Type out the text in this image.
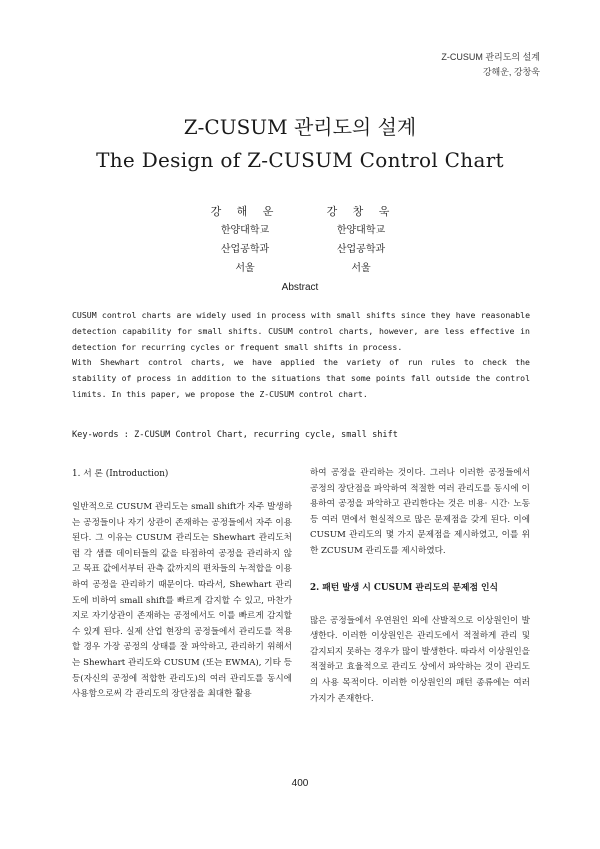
Z-CUSUM 관리도의 설계
강해운, 강창욱
Z-CUSUM 관리도의 설계
The Design of Z-CUSUM Control Chart
강 해 운
한양대학교
산업공학과
서울
강 창 욱
한양대학교
산업공학과
서울
Abstract

CUSUM control charts are widely used in process with small shifts since they have reasonable detection capability for small shifts. CUSUM control charts, however, are less effective in detection for recurring cycles or frequent small shifts in process.

With Shewhart control charts, we have applied the variety of run rules to check the stability of process in addition to the situations that some points fall outside the control limits. In this paper, we propose the Z-CUSUM control chart.

Key-words : Z-CUSUM Control Chart, recurring cycle, small shift
1. 서 론 (Introduction)

일반적으로 CUSUM 관리도는 small shift가 자주 발생하는 공정들이나 자기 상관이 존재하는 공정들에서 자주 이용된다. 그 이유는 CUSUM 관리도는 Shewhart 관리도처럼 각 샘플 데이터들의 값을 타점하여 공정을 관리하지 않고 목표 값에서부터 관측 값까지의 편차들의 누적합을 이용하여 공정을 관리하기 때문이다. 따라서, Shewhart 관리도에 비하여 small shift를 빠르게 감지할 수 있고, 마찬가지로 자기상관이 존재하는 공정에서도 이를 빠르게 감지할 수 있게 된다. 실제 산업 현장의 공정들에서 관리도를 적용할 경우 가장 공정의 상태를 잘 파악하고, 관리하기 위해서는 Shewhart 관리도와 CUSUM (또는 EWMA), 기타 등등(자신의 공정에 적합한 관리도)의 여러 관리도를 동시에 사용함으로써 각 관리도의 장단점을 최대한 활용

하여 공정을 관리하는 것이다. 그러나 이러한 공정들에서 공정의 장단점을 파악하여 적절한 여러 관리도를 동시에 이용하여 공정을 파악하고 관리한다는 것은 비용· 시간· 노동 등 여러 면에서 현실적으로 많은 문제점을 갖게 된다. 이에 CUSUM 관리도의 몇 가지 문제점을 제시하였고, 이를 위한 ZCUSUM 관리도를 제시하였다.

2. 패턴 발생 시 CUSUM 관리도의 문제점 인식

많은 공정들에서 우연원인 외에 산발적으로 이상원인이 발생한다. 이러한 이상원인은 관리도에서 적절하게 관리 및 감지되지 못하는 경우가 많이 발생한다. 따라서 이상원인을 적절하고 효율적으로 관리도 상에서 파악하는 것이 관리도의 사용 목적이다. 이러한 이상원인의 패턴 종류에는 여러 가지가 존재한다.

400
